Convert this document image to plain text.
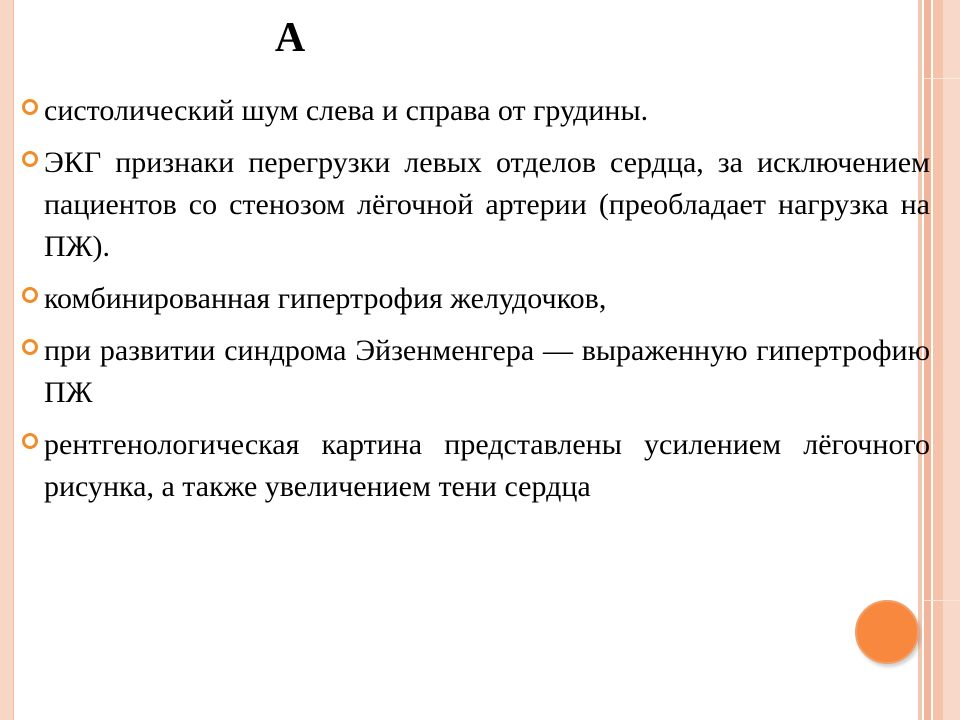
А
систолический шум слева и справа от грудины.
ЭКГ признаки перегрузки левых отделов сердца, за исключением пациентов со стенозом лёгочной артерии (преобладает нагрузка на ПЖ).
комбинированная гипертрофия желудочков,
при развитии синдрома Эйзенменгера — выраженную гипертрофию ПЖ
рентгенологическая картина представлены усилением лёгочного рисунка, а также увеличением тени сердца
